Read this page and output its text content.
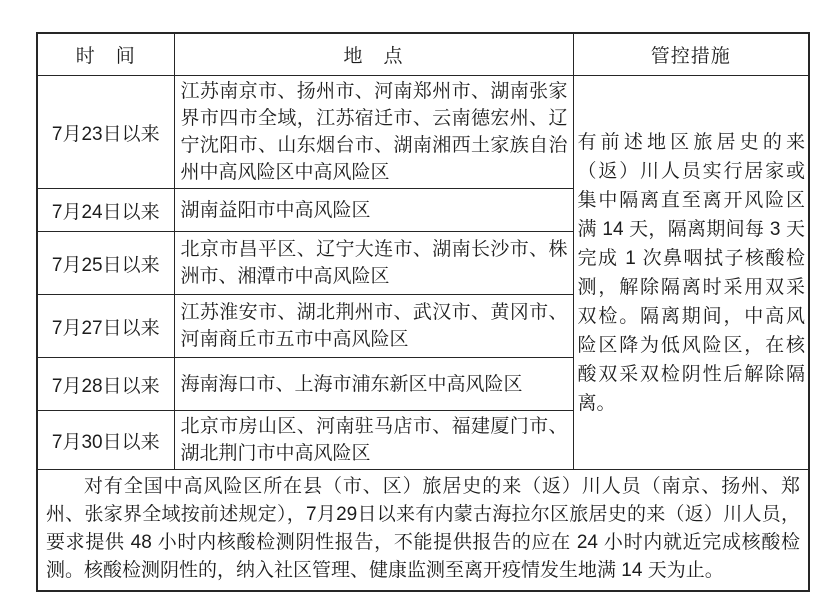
时　间	地　点	管控措施
7月23日以来	江苏南京市、扬州市、河南郑州市、湖南张家界市四市全域，江苏宿迁市、云南德宏州、辽宁沈阳市、山东烟台市、湖南湘西土家族自治州中高风险区中高风险区	有前述地区旅居史的来（返）川人员实行居家或集中隔离直至离开风险区满 14 天，隔离期间每 3 天完成 1 次鼻咽拭子核酸检测，解除隔离时采用双采双检。隔离期间，中高风险区降为低风险区，在核酸双采双检阴性后解除隔离。
7月24日以来	湖南益阳市中高风险区	
7月25日以来	北京市昌平区、辽宁大连市、湖南长沙市、株洲市、湘潭市中高风险区	
7月27日以来	江苏淮安市、湖北荆州市、武汉市、黄冈市、河南商丘市五市中高风险区	
7月28日以来	海南海口市、上海市浦东新区中高风险区	
7月30日以来	北京市房山区、河南驻马店市、福建厦门市、湖北荆门市中高风险区	
对有全国中高风险区所在县（市、区）旅居史的来（返）川人员（南京、扬州、郑州、张家界全域按前述规定），7月29日以来有内蒙古海拉尔区旅居史的来（返）川人员，要求提供 48 小时内核酸检测阴性报告，不能提供报告的应在 24 小时内就近完成核酸检测。核酸检测阴性的，纳入社区管理、健康监测至离开疫情发生地满 14 天为止。		
